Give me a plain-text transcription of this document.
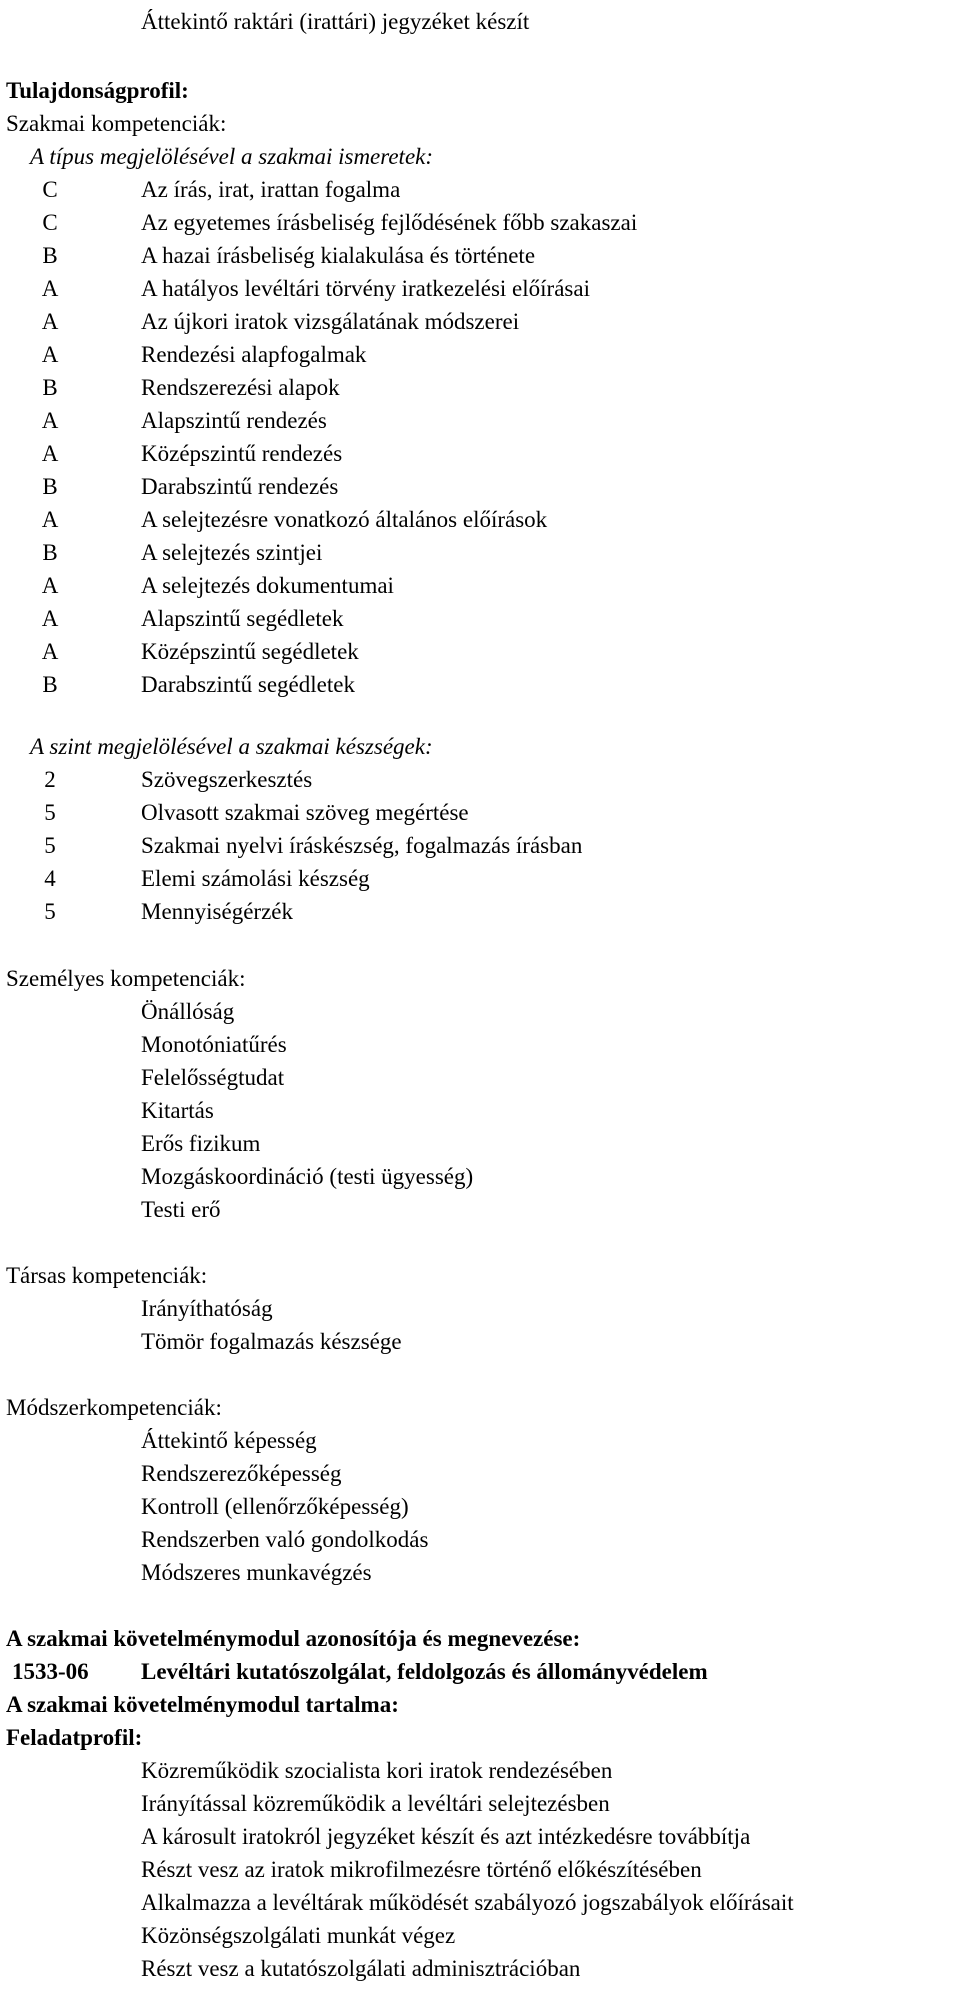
Áttekintő raktári (irattári) jegyzéket készít
Tulajdonságprofil:
Szakmai kompetenciák:
A típus megjelölésével a szakmai ismeretek:
C	Az írás, irat, irattan fogalma
C	Az egyetemes írásbeliség fejlődésének főbb szakaszai
B	A hazai írásbeliség kialakulása és története
A	A hatályos levéltári törvény iratkezelési előírásai
A	Az újkori iratok vizsgálatának módszerei
A	Rendezési alapfogalmak
B	Rendszerezési alapok
A	Alapszintű rendezés
A	Középszintű rendezés
B	Darabszintű rendezés
A	A selejtezésre vonatkozó általános előírások
B	A selejtezés szintjei
A	A selejtezés dokumentumai
A	Alapszintű segédletek
A	Középszintű segédletek
B	Darabszintű segédletek
A szint megjelölésével a szakmai készségek:
2	Szövegszerkesztés
5	Olvasott szakmai szöveg megértése
5	Szakmai nyelvi íráskészség, fogalmazás írásban
4	Elemi számolási készség
5	Mennyiségérzék
Személyes kompetenciák:
Önállóság
Monotóniatűrés
Felelősségtudat
Kitartás
Erős fizikum
Mozgáskoordináció (testi ügyesség)
Testi erő
Társas kompetenciák:
Irányíthatóság
Tömör fogalmazás készsége
Módszerkompetenciák:
Áttekintő képesség
Rendszerezőképesség
Kontroll (ellenőrzőképesség)
Rendszerben való gondolkodás
Módszeres munkavégzés
A szakmai követelménymodul azonosítója és megnevezése:
1533-06 Levéltári kutatószolgálat, feldolgozás és állományvédelem
A szakmai követelménymodul tartalma:
Feladatprofil:
Közreműködik szocialista kori iratok rendezésében
Irányítással közreműködik a levéltári selejtezésben
A károsult iratokról jegyzéket készít és azt intézkedésre továbbítja
Részt vesz az iratok mikrofilmezésre történő előkészítésében
Alkalmazza a levéltárak működését szabályozó jogszabályok előírásait
Közönségszolgálati munkát végez
Részt vesz a kutatószolgálati adminisztrációban
